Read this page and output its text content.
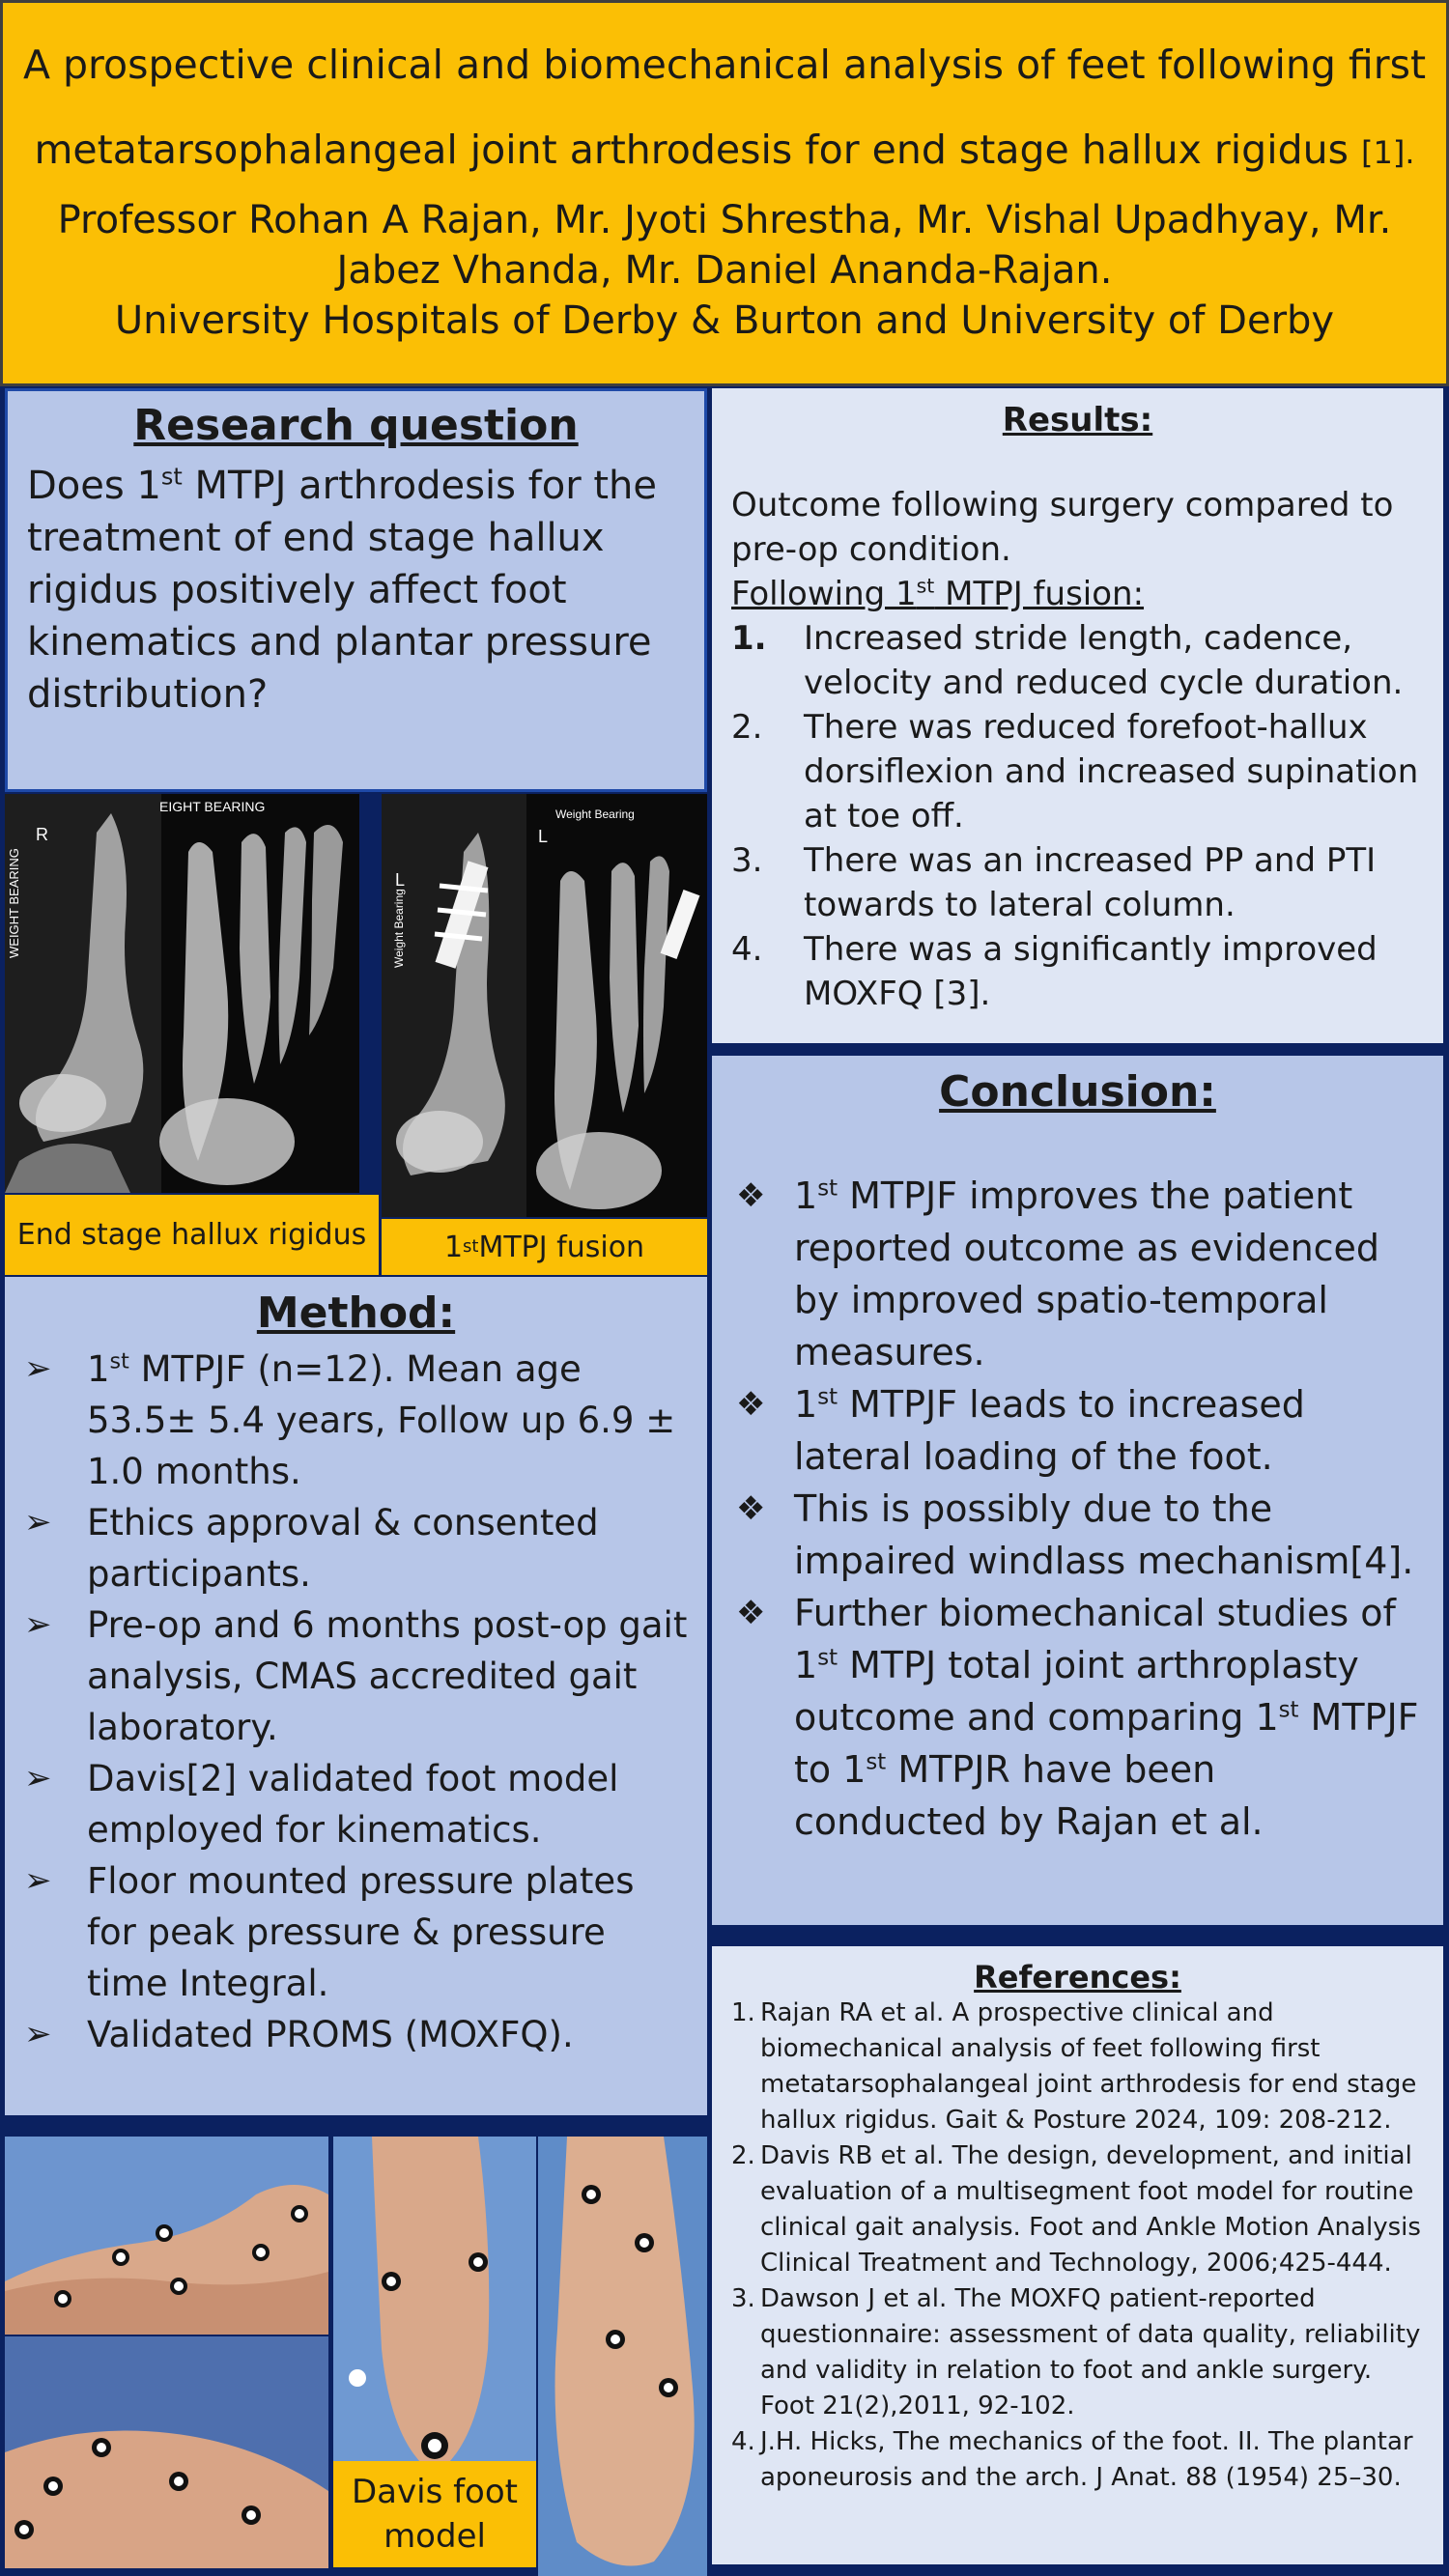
A prospective clinical and biomechanical analysis of feet following first
metatarsophalangeal joint arthrodesis for end stage hallux rigidus [1].
Professor Rohan A Rajan, Mr. Jyoti Shrestha, Mr. Vishal Upadhyay, Mr.
Jabez Vhanda, Mr. Daniel Ananda-Rajan.
University Hospitals of Derby & Burton and University of Derby
Research question

Does 1st MTPJ arthrodesis for the treatment of end stage hallux rigidus positively affect foot kinematics and plantar pressure distribution?

WEIGHT BEARING
R
EIGHT BEARING
End stage hallux rigidus
L
Weight Bearing
L
Weight Bearing
1 st MTPJ fusion
Results:
Outcome following surgery compared to pre-op condition.
Following 1st MTPJ fusion:
1.	Increased stride length, cadence, velocity and reduced cycle duration.
2.	There was reduced forefoot-hallux dorsiflexion and increased supination at toe off.
3.	There was an increased PP and PTI towards to lateral column.
4.	There was a significantly improved MOXFQ [3].
Conclusion:
❖ 1st MTPJF improves the patient reported outcome as evidenced by improved spatio-temporal measures.
❖ 1st MTPJF leads to increased lateral loading of the foot.
❖ This is possibly due to the impaired windlass mechanism[4].
❖ Further biomechanical studies of 1st MTPJ total joint arthroplasty outcome and comparing 1st MTPJF to 1st MTPJR have been conducted by Rajan et al.
Method:
➢ 1st MTPJF (n=12). Mean age 53.5± 5.4 years, Follow up 6.9 ± 1.0 months.
➢ Ethics approval & consented participants.
➢ Pre-op and 6 months post-op gait analysis, CMAS accredited gait laboratory.
➢ Davis[2] validated foot model employed for kinematics.
➢ Floor mounted pressure plates for peak pressure & pressure time Integral.
➢ Validated PROMS (MOXFQ).
References:
1. Rajan RA et al. A prospective clinical and biomechanical analysis of feet following first metatarsophalangeal joint arthrodesis for end stage hallux rigidus. Gait & Posture 2024, 109: 208-212.
2. Davis RB et al. The design, development, and initial evaluation of a multisegment foot model for routine clinical gait analysis. Foot and Ankle Motion Analysis Clinical Treatment and Technology, 2006;425-444.
3. Dawson J et al. The MOXFQ patient-reported questionnaire: assessment of data quality, reliability and validity in relation to foot and ankle surgery. Foot 21(2),2011, 92-102.
4. J.H. Hicks, The mechanics of the foot. II. The plantar aponeurosis and the arch. J Anat. 88 (1954) 25–30.
Davis foot
model
